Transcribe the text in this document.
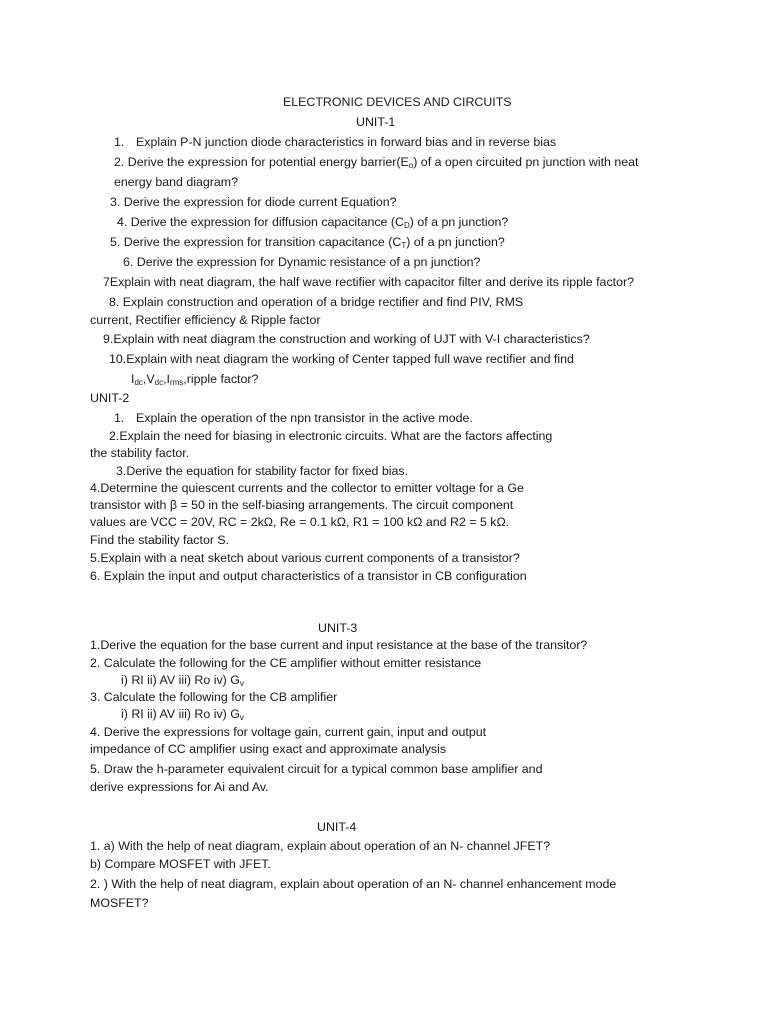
ELECTRONIC DEVICES AND CIRCUITS
UNIT-1
1. Explain P-N junction diode characteristics in forward bias and in reverse bias
2. Derive the expression for potential energy $barrier(E_o)$ of a open circuited pn junction with neat
energy band diagram?
3. Derive the expression for diode current Equation?
4. Derive the expression for diffusion capacitance $(C_D)$ of a pn junction?
5. Derive the expression for transition capacitance $(C_T)$ of a pn junction?
6. Derive the expression for Dynamic resistance of a pn junction?
7Explain with neat diagram, the half wave rectifier with capacitor filter and derive its ripple factor?
8. Explain construction and operation of a bridge rectifier and find PIV, RMS
current, Rectifier efficiency & Ripple factor
9.Explain with neat diagram the construction and working of UJT with V-I characteristics?
10.Explain with neat diagram the working of Center tapped full wave rectifier and find
$I_{dc},V_{dc},I_{rms},ripple$ factor?
UNIT-2
1. Explain the operation of the npn transistor in the active mode.
2.Explain the need for biasing in electronic circuits. What are the factors affecting
the stability factor.
3.Derive the equation for stability factor for fixed bias.
4.Determine the quiescent currents and the collector to emitter voltage for a Ge
transistor with β = 50 in the self-biasing arrangements. The circuit component
values are VCC = 20V, RC = 2kΩ, Re = 0.1 kΩ, R1 = 100 kΩ and R2 = 5 kΩ.
Find the stability factor S.
5.Explain with a neat sketch about various current components of a transistor?
6. Explain the input and output characteristics of a transistor in CB configuration
UNIT-3
1.Derive the equation for the base current and input resistance at the base of the transitor?
2. Calculate the following for the CE amplifier without emitter resistance
i) RI ii) AV iii) Ro iv) $G_v$
3. Calculate the following for the CB amplifier
i) RI ii) AV iii) Ro iv) $G_v$
4. Derive the expressions for voltage gain, current gain, input and output
impedance of CC amplifier using exact and approximate analysis
5. Draw the h-parameter equivalent circuit for a typical common base amplifier and
derive expressions for Ai and Av.
UNIT-4
1. a) With the help of neat diagram, explain about operation of an N- channel JFET?
b) Compare MOSFET with JFET.
2. ) With the help of neat diagram, explain about operation of an N- channel enhancement mode
MOSFET?
